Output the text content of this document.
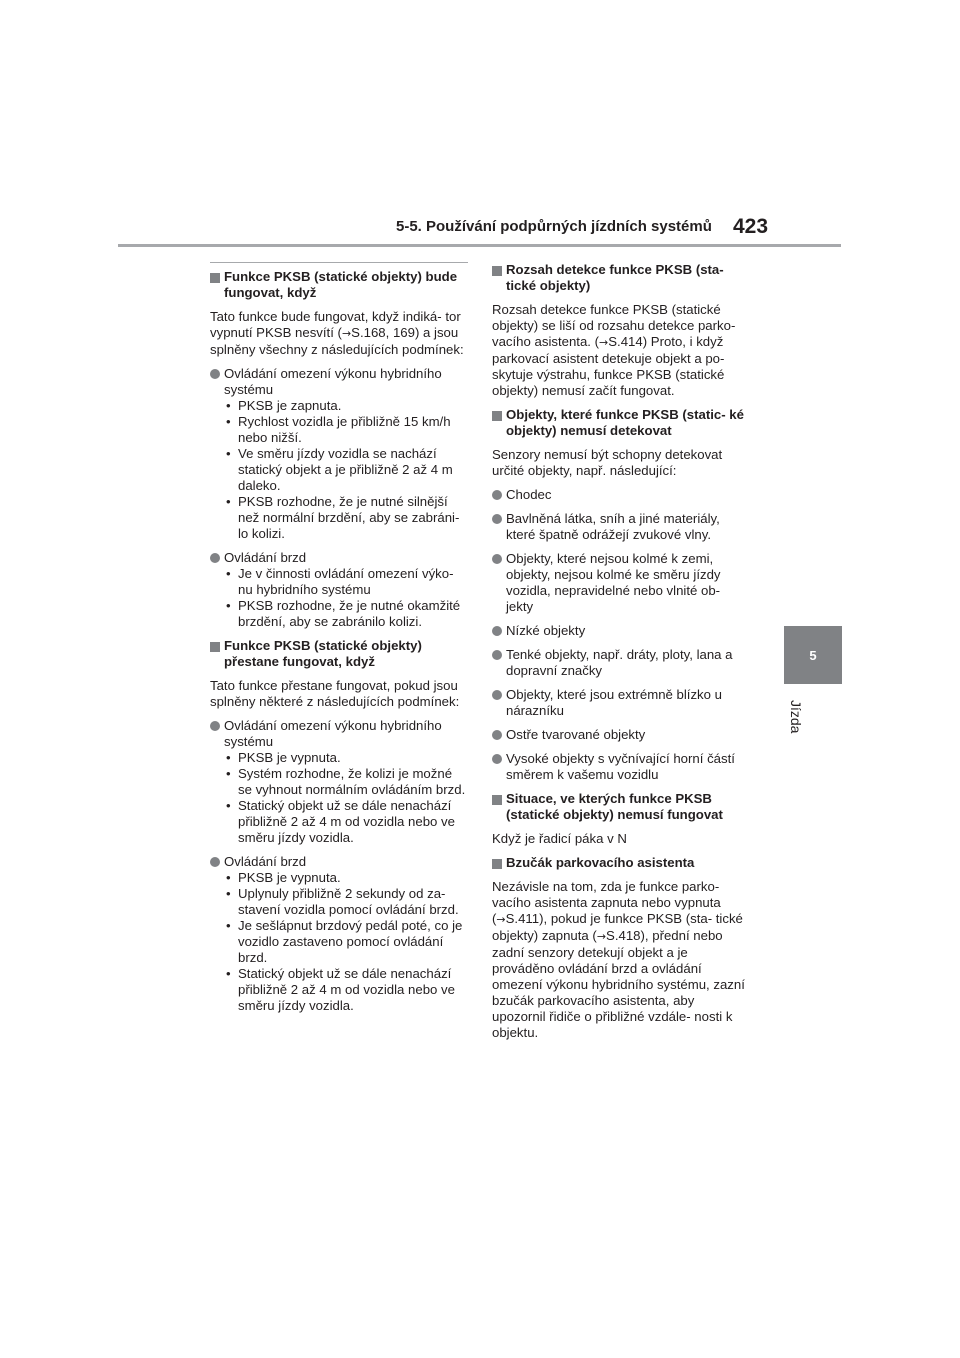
5-5. Používání podpůrných jízdních systémů 423
5
Jízda
Funkce PKSB (statické objekty) bude fungovat, když
Tato funkce bude fungovat, když indiká- tor vypnutí PKSB nesvítí (→S.168, 169) a jsou splněny všechny z následujících podmínek:
Ovládání omezení výkonu hybridního systému
• PKSB je zapnuta.
• Rychlost vozidla je přibližně 15 km/h nebo nižší.
• Ve směru jízdy vozidla se nachází statický objekt a je přibližně 2 až 4 m daleko.
• PKSB rozhodne, že je nutné silnější než normální brzdění, aby se zabráni- lo kolizi.
Ovládání brzd
• Je v činnosti ovládání omezení výko- nu hybridního systému
• PKSB rozhodne, že je nutné okamžité brzdění, aby se zabránilo kolizi.
Funkce PKSB (statické objekty) přestane fungovat, když
Tato funkce přestane fungovat, pokud jsou splněny některé z následujících podmínek:
Ovládání omezení výkonu hybridního systému
• PKSB je vypnuta.
• Systém rozhodne, že kolizi je možné se vyhnout normálním ovládáním brzd.
• Statický objekt už se dále nenachází přibližně 2 až 4 m od vozidla nebo ve směru jízdy vozidla.
Ovládání brzd
• PKSB je vypnuta.
• Uplynuly přibližně 2 sekundy od za- stavení vozidla pomocí ovládání brzd.
• Je sešlápnut brzdový pedál poté, co je vozidlo zastaveno pomocí ovládání brzd.
• Statický objekt už se dále nenachází přibližně 2 až 4 m od vozidla nebo ve směru jízdy vozidla.
Rozsah detekce funkce PKSB (sta- tické objekty)
Rozsah detekce funkce PKSB (statické objekty) se liší od rozsahu detekce parko- vacího asistenta. (→S.414) Proto, i když parkovací asistent detekuje objekt a po- skytuje výstrahu, funkce PKSB (statické objekty) nemusí začít fungovat.
Objekty, které funkce PKSB (static- ké objekty) nemusí detekovat
Senzory nemusí být schopny detekovat určité objekty, např. následující:
Chodec
Bavlněná látka, sníh a jiné materiály, které špatně odrážejí zvukové vlny.
Objekty, které nejsou kolmé k zemi, objekty, nejsou kolmé ke směru jízdy vozidla, nepravidelné nebo vlnité ob- jekty
Nízké objekty
Tenké objekty, např. dráty, ploty, lana a dopravní značky
Objekty, které jsou extrémně blízko u nárazníku
Ostře tvarované objekty
Vysoké objekty s vyčnívající horní částí směrem k vašemu vozidlu
Situace, ve kterých funkce PKSB (statické objekty) nemusí fungovat
Když je řadicí páka v N
Bzučák parkovacího asistenta
Nezávisle na tom, zda je funkce parko- vacího asistenta zapnuta nebo vypnuta (→S.411), pokud je funkce PKSB (sta- tické objekty) zapnuta (→S.418), přední nebo zadní senzory detekují objekt a je prováděno ovládání brzd a ovládání omezení výkonu hybridního systému, zazní bzučák parkovacího asistenta, aby upozornil řidiče o přibližné vzdále- nosti k objektu.
